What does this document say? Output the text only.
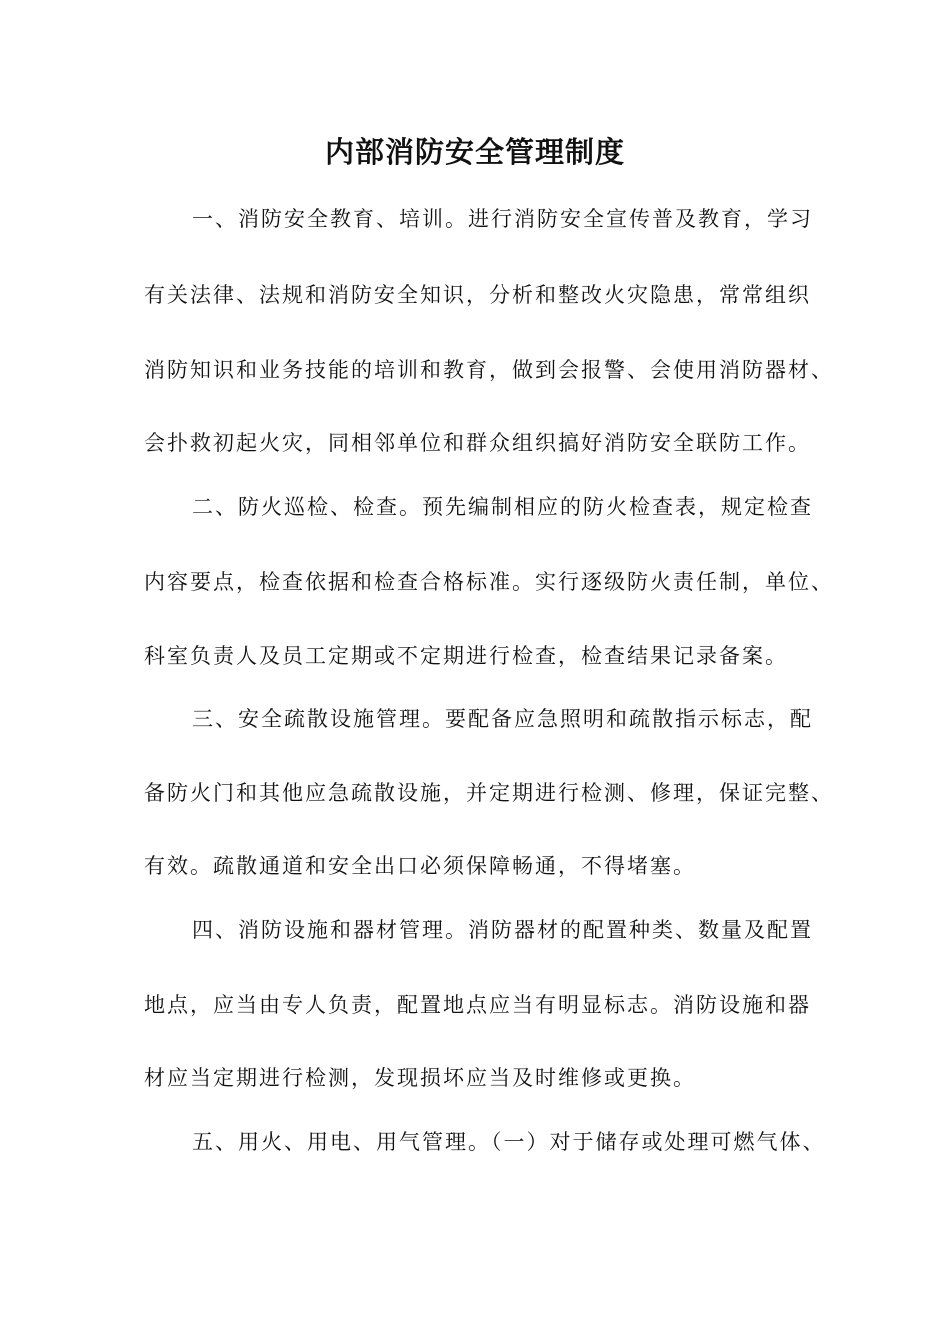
内部消防安全管理制度
一、消防安全教育、培训。进行消防安全宣传普及教育，学习
有关法律、法规和消防安全知识，分析和整改火灾隐患，常常组织
消防知识和业务技能的培训和教育，做到会报警、会使用消防器材、
会扑救初起火灾，同相邻单位和群众组织搞好消防安全联防工作。
二、防火巡检、检查。预先编制相应的防火检查表，规定检查
内容要点，检查依据和检查合格标准。实行逐级防火责任制，单位、
科室负责人及员工定期或不定期进行检查，检查结果记录备案。
三、安全疏散设施管理。要配备应急照明和疏散指示标志，配
备防火门和其他应急疏散设施，并定期进行检测、修理，保证完整、
有效。疏散通道和安全出口必须保障畅通，不得堵塞。
四、消防设施和器材管理。消防器材的配置种类、数量及配置
地点，应当由专人负责，配置地点应当有明显标志。消防设施和器
材应当定期进行检测，发现损坏应当及时维修或更换。
五、用火、用电、用气管理。（一）对于储存或处理可燃气体、
